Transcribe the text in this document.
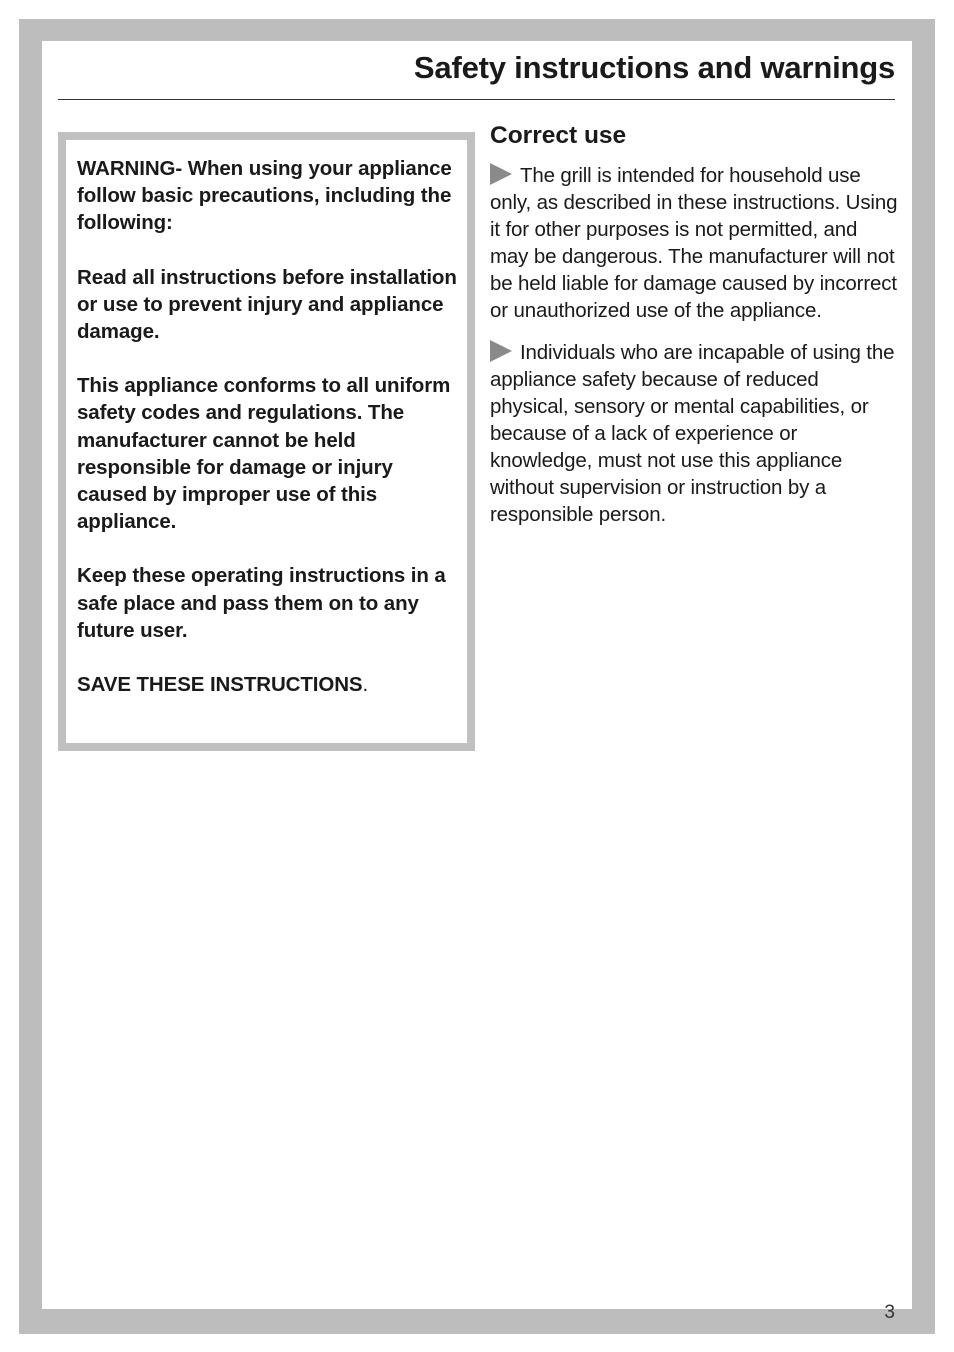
Safety instructions and warnings

WARNING- When using your appliance follow basic precautions, including the following:

Read all instructions before installation or use to prevent injury and appliance damage.

This appliance conforms to all uniform safety codes and regulations. The manufacturer cannot be held responsible for damage or injury caused by improper use of this appliance.

Keep these operating instructions in a safe place and pass them on to any future user.

SAVE THESE INSTRUCTIONS.

Correct use

The grill is intended for household use only, as described in these instructions. Using it for other purposes is not permitted, and may be dangerous. The manufacturer will not be held liable for damage caused by incorrect or unauthorized use of the appliance.

Individuals who are incapable of using the appliance safety because of reduced physical, sensory or mental capabilities, or because of a lack of experience or knowledge, must not use this appliance without supervision or instruction by a responsible person.

3
